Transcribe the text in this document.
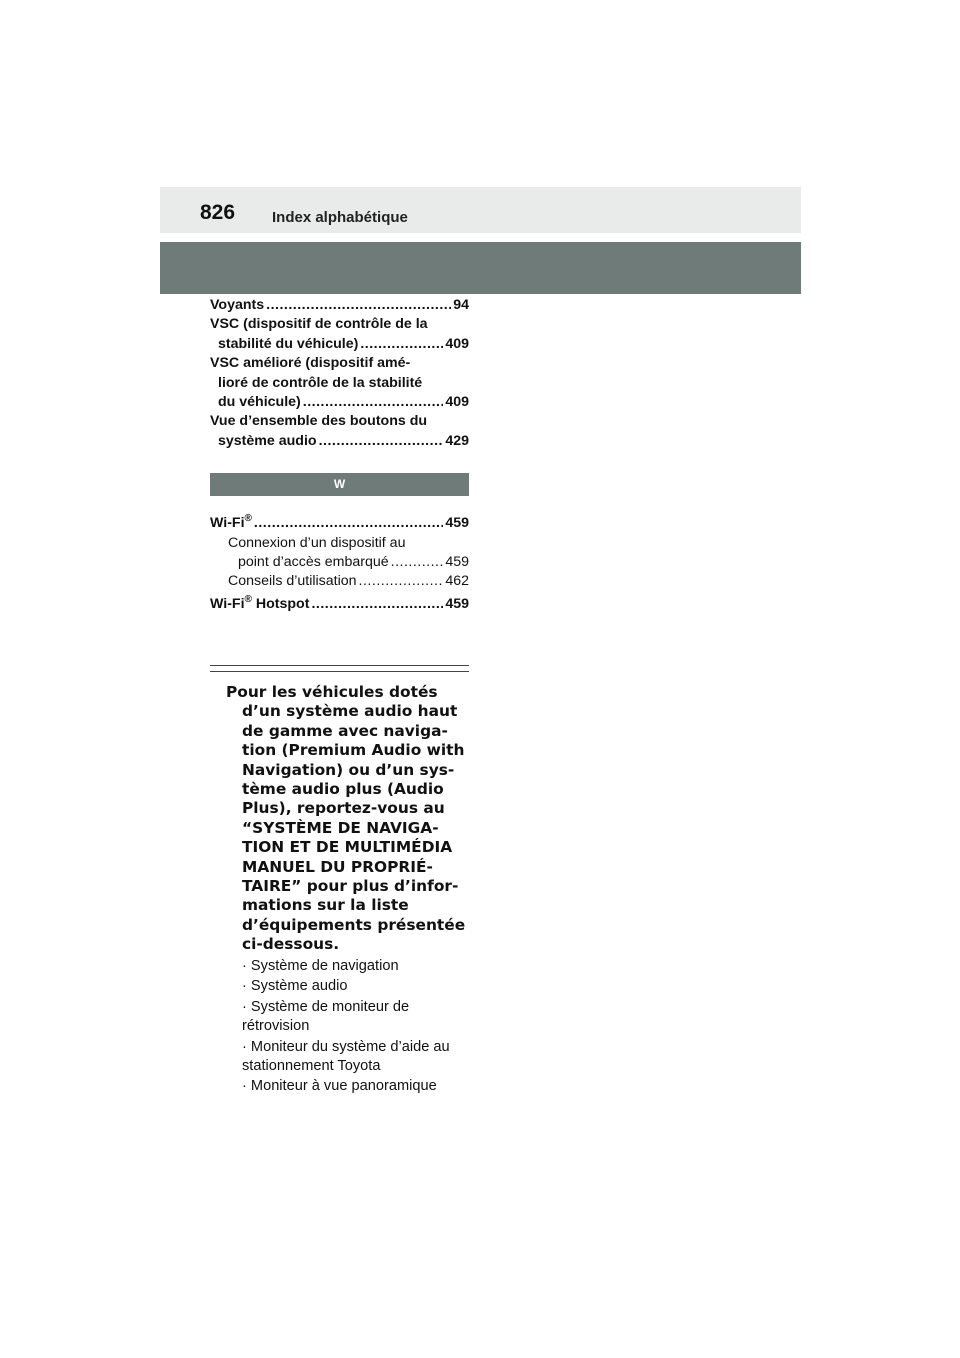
826 Index alphabétique
Voyants .....	94
VSC (dispositif de contrôle de la
stabilité du véhicule) .....	409
VSC amélioré (dispositif amé-
lioré de contrôle de la stabilité
du véhicule) .....	409
Vue d’ensemble des boutons du
système audio .....	429
W
Wi-Fi® .....	459
Connexion d’un dispositif au
point d’accès embarqué .....	459
Conseils d’utilisation .....	462
Wi-Fi® Hotspot .....	459
Pour les véhicules dotés
d’un système audio haut de gamme avec naviga-tion (Premium Audio with Navigation) ou d’un sys-tème audio plus (Audio Plus), reportez-vous au “SYSTÈME DE NAVIGA-TION ET DE MULTIMÉDIA MANUEL DU PROPRIÉ-TAIRE” pour plus d’infor-mations sur la liste d’équipements présentée ci-dessous.
· Système de navigation
· Système audio
· Système de moniteur de rétrovision
· Moniteur du système d’aide au stationnement Toyota
· Moniteur à vue panoramique
